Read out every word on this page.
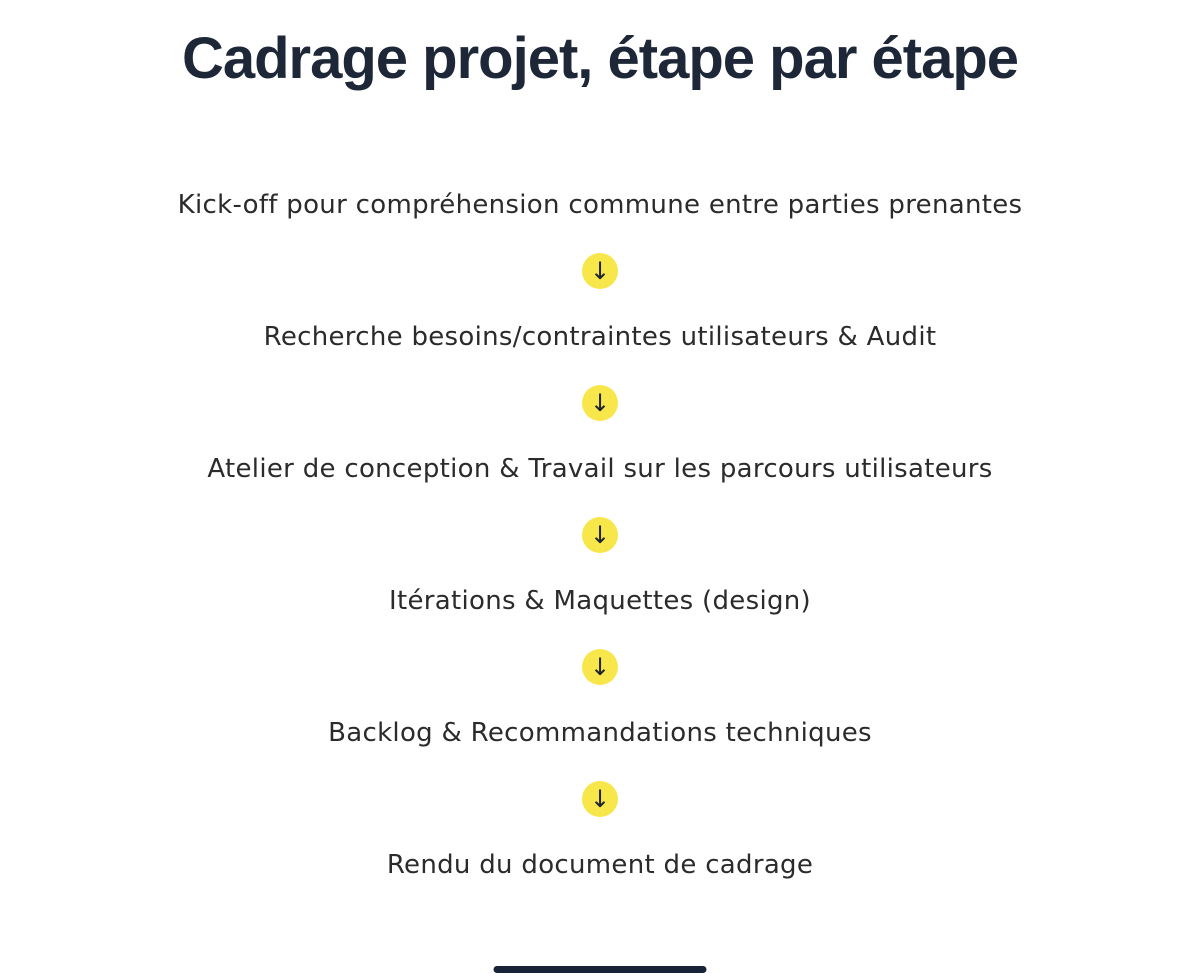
Cadrage projet, étape par étape
Kick-off pour compréhension commune entre parties prenantes
↓
Recherche besoins/contraintes utilisateurs & Audit
↓
Atelier de conception & Travail sur les parcours utilisateurs
↓
Itérations & Maquettes (design)
↓
Backlog & Recommandations techniques
↓
Rendu du document de cadrage
